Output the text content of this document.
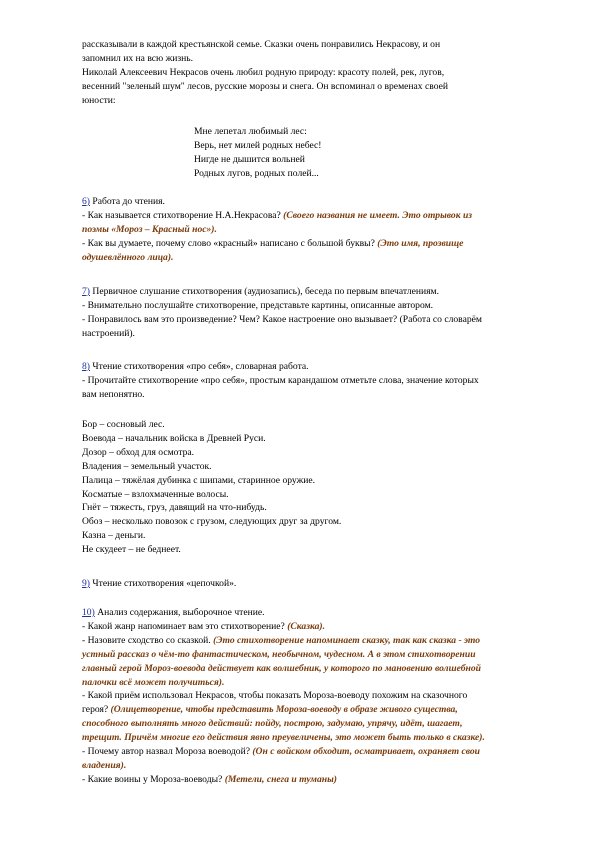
рассказывали в каждой крестьянской семье. Сказки очень понравились Некрасову, и он
запомнил их на всю жизнь.
Николай Алексеевич Некрасов очень любил родную природу: красоту полей, рек, лугов,
весенний "зеленый шум" лесов, русские морозы и снега. Он вспоминал о временах своей
юности:
Мне лепетал любимый лес:
Верь, нет милей родных небес!
Нигде не дышится вольней
Родных лугов, родных полей...
6) Работа до чтения.
- Как называется стихотворение Н.А.Некрасова? (Своего названия не имеет. Это отрывок из
поэмы «Мороз – Красный нос»).
- Как вы думаете, почему слово «красный» написано с большой буквы? (Это имя, прозвище
одушевлённого лица).
7) Первичное слушание стихотворения (аудиозапись), беседа по первым впечатлениям.
- Внимательно послушайте стихотворение, представьте картины, описанные автором.
- Понравилось вам это произведение? Чем? Какое настроение оно вызывает? (Работа со словарём
настроений).
8) Чтение стихотворения «про себя», словарная работа.
- Прочитайте стихотворение «про себя», простым карандашом отметьте слова, значение которых
вам непонятно.
Бор – сосновый лес.
Воевода – начальник войска в Древней Руси.
Дозор – обход для осмотра.
Владения – земельный участок.
Палица – тяжёлая дубинка с шипами, старинное оружие.
Косматые – взлохмаченные волосы.
Гнёт – тяжесть, груз, давящий на что-нибудь.
Обоз – несколько повозок с грузом, следующих друг за другом.
Казна – деньги.
Не скудеет – не беднеет.
9) Чтение стихотворения «цепочкой».
10) Анализ содержания, выборочное чтение.
- Какой жанр напоминает вам это стихотворение? (Сказка).
- Назовите сходство со сказкой. (Это стихотворение напоминает сказку, так как сказка - это
устный рассказ о чём-то фантастическом, необычном, чудесном. А в этом стихотворении
главный герой Мороз-воевода действует как волшебник, у которого по мановению волшебной
палочки всё может получиться).
- Какой приём использовал Некрасов, чтобы показать Мороза-воеводу похожим на сказочного
героя? (Олицетворение, чтобы представить Мороза-воеводу в образе живого существа,
способного выполнять много действий: пойду, построю, задумаю, упрячу, идёт, шагает,
трещит. Причём многие его действия явно преувеличены, это может быть только в сказке).
- Почему автор назвал Мороза воеводой? (Он с войском обходит, осматривает, охраняет свои
владения).
- Какие воины у Мороза-воеводы? (Метели, снега и туманы)
